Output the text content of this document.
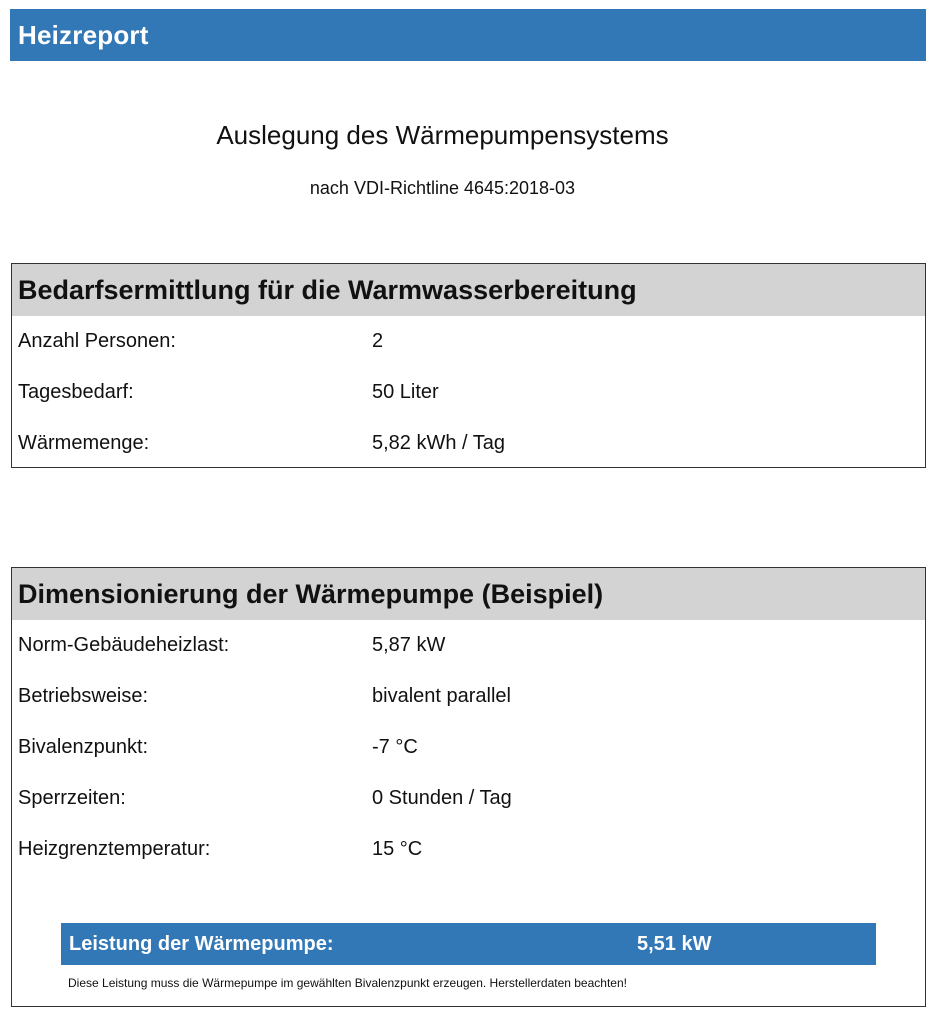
Heizreport
Auslegung des Wärmepumpensystems
nach VDI-Richtline 4645:2018-03
Bedarfsermittlung für die Warmwasserbereitung
Anzahl Personen:	2
Tagesbedarf:	50 Liter
Wärmemenge:	5,82 kWh / Tag
Dimensionierung der Wärmepumpe (Beispiel)
Norm-Gebäudeheizlast:	5,87 kW
Betriebsweise:	bivalent parallel
Bivalenzpunkt:	-7 °C
Sperrzeiten:	0 Stunden / Tag
Heizgrenztemperatur:	15 °C
Leistung der Wärmepumpe:	5,51 kW
Diese Leistung muss die Wärmepumpe im gewählten Bivalenzpunkt erzeugen. Herstellerdaten beachten!
